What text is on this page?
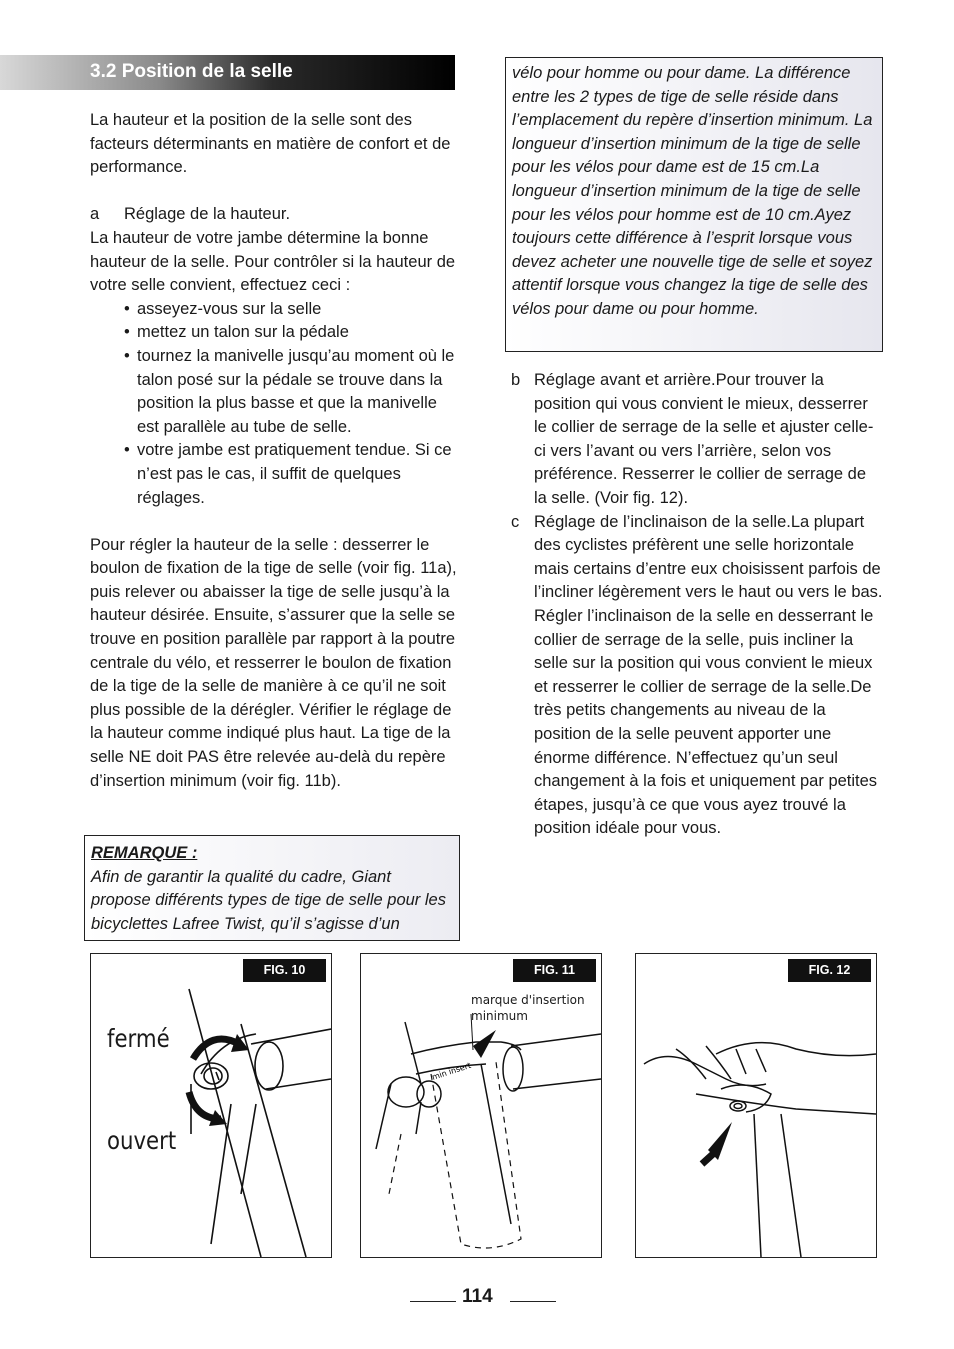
3.2 Position de la selle

La hauteur et la position de la selle sont des facteurs déterminants en matière de confort et de performance.

a Réglage de la hauteur.

La hauteur de votre jambe détermine la bonne hauteur de la selle. Pour contrôler si la hauteur de votre selle convient, effectuez ceci :

• asseyez-vous sur la selle
• mettez un talon sur la pédale
• tournez la manivelle jusqu’au moment où le talon posé sur la pédale se trouve dans la position la plus basse et que la manivelle est parallèle au tube de selle.
• votre jambe est pratiquement tendue. Si ce n’est pas le cas, il suffit de quelques réglages.

Pour régler la hauteur de la selle : desserrer le boulon de fixation de la tige de selle (voir fig. 11a), puis relever ou abaisser la tige de selle jusqu’à la hauteur désirée. Ensuite, s’assurer que la selle se trouve en position parallèle par rapport à la poutre centrale du vélo, et resserrer le boulon de fixation de la tige de la selle de manière à ce qu’il ne soit plus possible de la dérégler. Vérifier le réglage de la hauteur comme indiqué plus haut. La tige de la selle NE doit PAS être relevée au-delà du repère d’insertion minimum (voir fig. 11b).

REMARQUE :
Afin de garantir la qualité du cadre, Giant propose différents types de tige de selle pour les bicyclettes Lafree Twist, qu’il s’agisse d’un
vélo pour homme ou pour dame. La différence entre les 2 types de tige de selle réside dans l’emplacement du repère d’insertion minimum. La longueur d’insertion minimum de la tige de selle pour les vélos pour dame est de 15 cm.La longueur d’insertion minimum de la tige de selle pour les vélos pour homme est de 10 cm.Ayez toujours cette différence à l’esprit lorsque vous devez acheter une nouvelle tige de selle et soyez attentif lorsque vous changez la tige de selle des vélos pour dame ou pour homme.
b Réglage avant et arrière.Pour trouver la position qui vous convient le mieux, desserrer le collier de serrage de la selle et ajuster celle-ci vers l’avant ou vers l’arrière, selon vos préférence. Resserrer le collier de serrage de la selle. (Voir fig. 12).
c Réglage de l’inclinaison de la selle.La plupart des cyclistes préfèrent une selle horizontale mais certains d’entre eux choisissent parfois de l’incliner légèrement vers le haut ou vers le bas. Régler l’inclinaison de la selle en desserrant le collier de serrage de la selle, puis incliner la selle sur la position qui vous convient le mieux et resserrer le collier de serrage de la selle.De très petits changements au niveau de la position de la selle peuvent apporter une énorme différence. N’effectuez qu’un seul changement à la fois et uniquement par petites étapes, jusqu’à ce que vous ayez trouvé la position idéale pour vous.
FIG. 10
fermé
ouvert
min insert
FIG. 11
marque d'insertion minimum
FIG. 12
114
